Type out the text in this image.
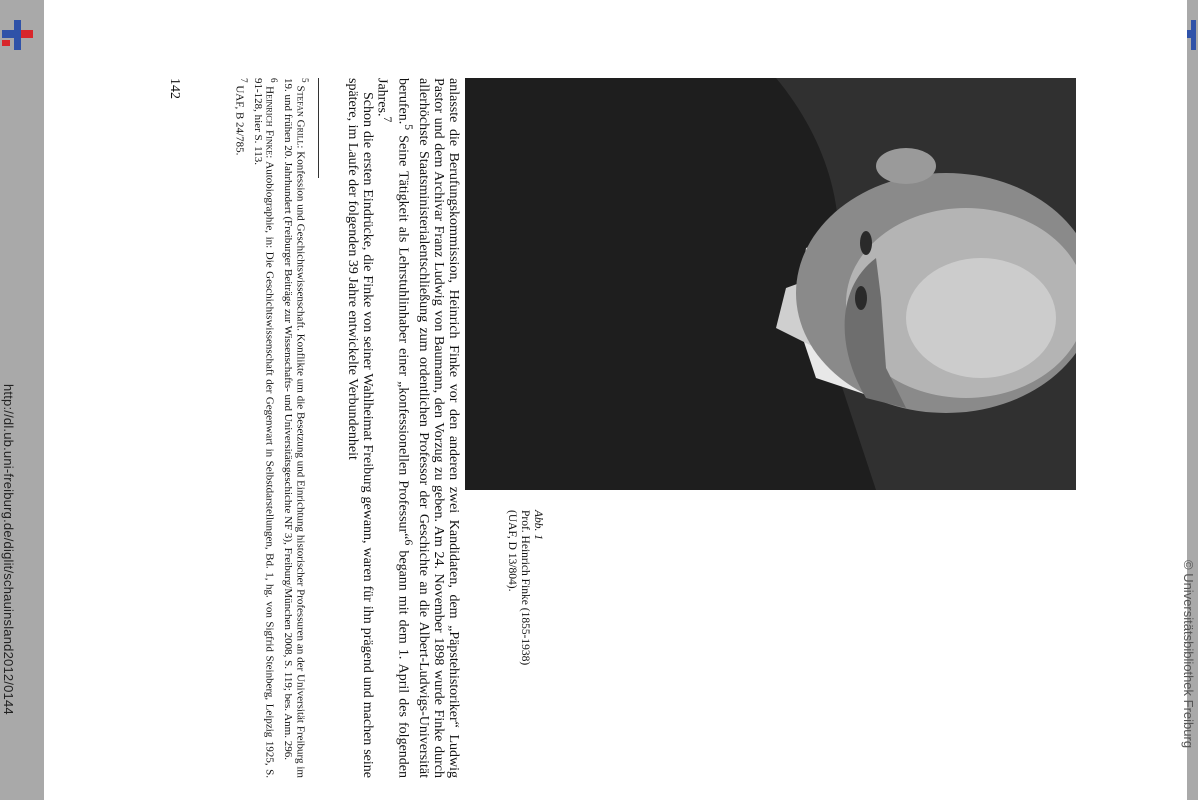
http://dl.ub.uni-freiburg.de/diglit/schauinsland2012/0144	© Universitätsbibliothek Freiburg
Abb. 1
Prof. Heinrich Finke (1855-1938)
(UAF, D 13/804).

anlasste die Berufungskommission, Heinrich Finke vor den anderen zwei Kandidaten, dem „Päpstehistoriker“ Ludwig Pastor und dem Archivar Franz Ludwig von Baumann, den Vorzug zu geben. Am 24. November 1898 wurde Finke durch allerhöchste Staatsministerialentschließung zum ordentlichen Professor der Geschichte an die Albert-Ludwigs-Universität berufen.$^5$ Seine Tätigkeit als Lehrstuhlinhaber einer „konfessionellen Professur“$^6$ begann mit dem 1. April des folgenden Jahres.$^7$

Schon die ersten Eindrücke, die Finke von seiner Wahlheimat Freiburg gewann, waren für ihn prägend und machen seine spätere, im Laufe der folgenden 39 Jahre entwickelte Verbundenheit

$^5$ Stefan Grill: Konfession und Geschichtswissenschaft. Konflikte um die Besetzung und Einrichtung historischer Professuren an der Universität Freiburg im 19. und frühen 20. Jahrhundert (Freiburger Beiträge zur Wissenschafts- und Universitätsgeschichte NF 3), Freiburg/München 2008, S. 119; bes. Anm. 296.

$^6$ Heinrich Finke: Autobiographie, in: Die Geschichtswissenschaft der Gegenwart in Selbstdarstellungen, Bd. 1, hg. von Sigfrid Steinberg, Leipzig 1925, S. 91-128, hier S. 113.

$^7$ UAF, B 24/785.

142
